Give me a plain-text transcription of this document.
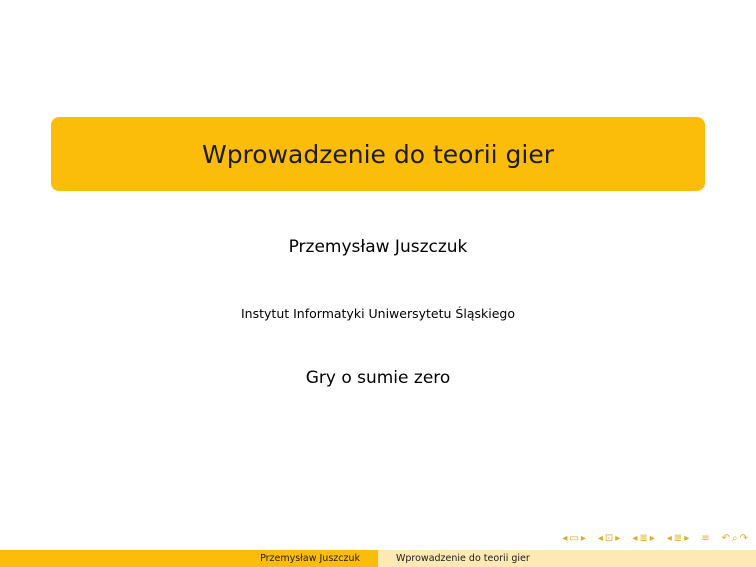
Wprowadzenie do teorii gier
Przemysław Juszczuk
Instytut Informatyki Uniwersytetu Śląskiego
Gry o sumie zero
◂ ▭ ▸ ◂ ⊡ ▸ ◂ ≣ ▸ ◂ ≣ ▸ ≡ ↶ ⌕ ↷
Przemysław Juszczuk	Wprowadzenie do teorii gier
